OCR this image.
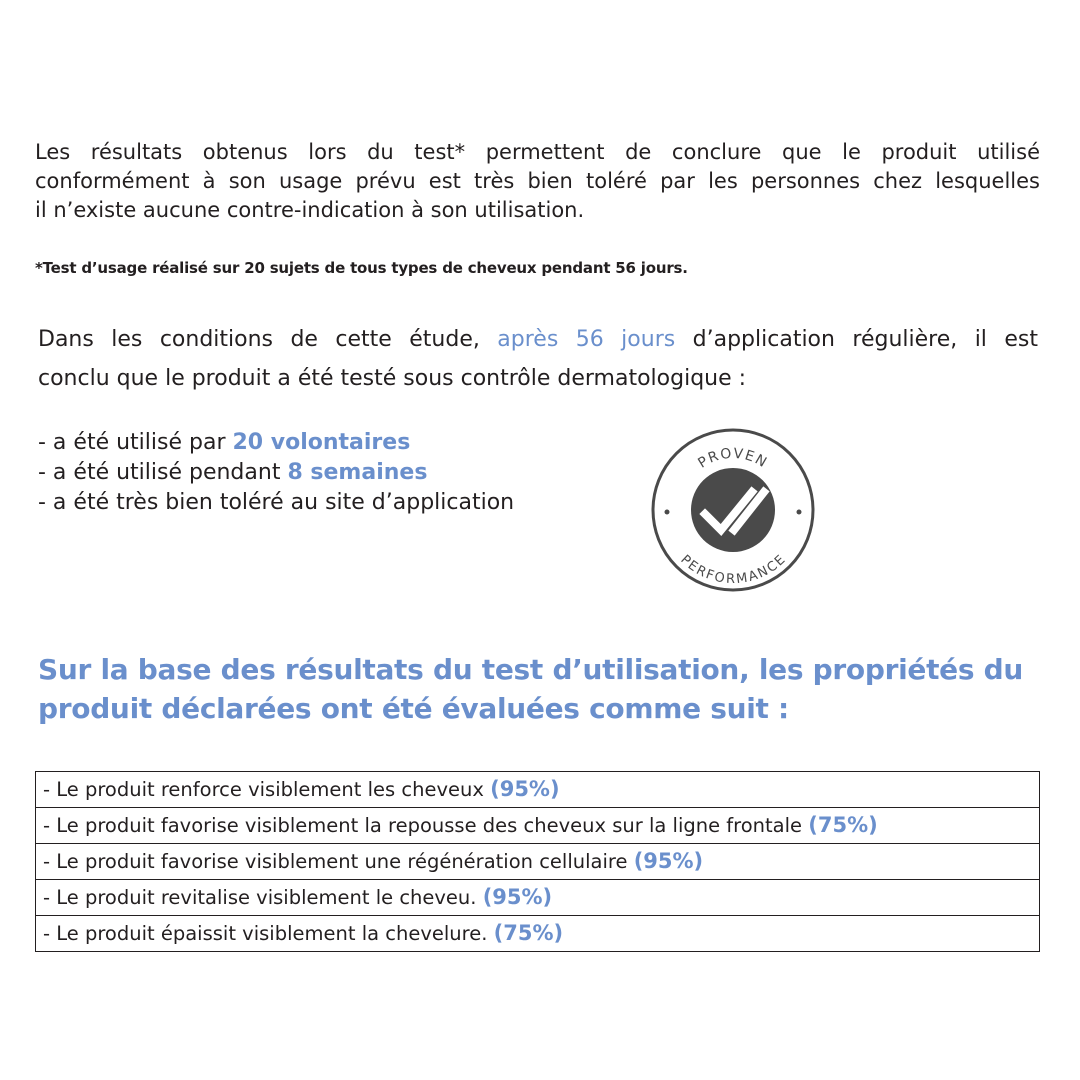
Les résultats obtenus lors du test* permettent de conclure que le produit utilisé
conformément à son usage prévu est très bien toléré par les personnes chez lesquelles
il n’existe aucune contre-indication à son utilisation.
*Test d’usage réalisé sur 20 sujets de tous types de cheveux pendant 56 jours.
Dans les conditions de cette étude, après 56 jours d’application régulière, il est
conclu que le produit a été testé sous contrôle dermatologique :
- a été utilisé par 20 volontaires
- a été utilisé pendant 8 semaines
- a été très bien toléré au site d’application
PROVEN
PERFORMANCE
Sur la base des résultats du test d’utilisation, les propriétés du
produit déclarées ont été évaluées comme suit :
- Le produit renforce visiblement les cheveux (95%)
- Le produit favorise visiblement la repousse des cheveux sur la ligne frontale (75%)
- Le produit favorise visiblement une régénération cellulaire (95%)
- Le produit revitalise visiblement le cheveu. (95%)
- Le produit épaissit visiblement la chevelure. (75%)
